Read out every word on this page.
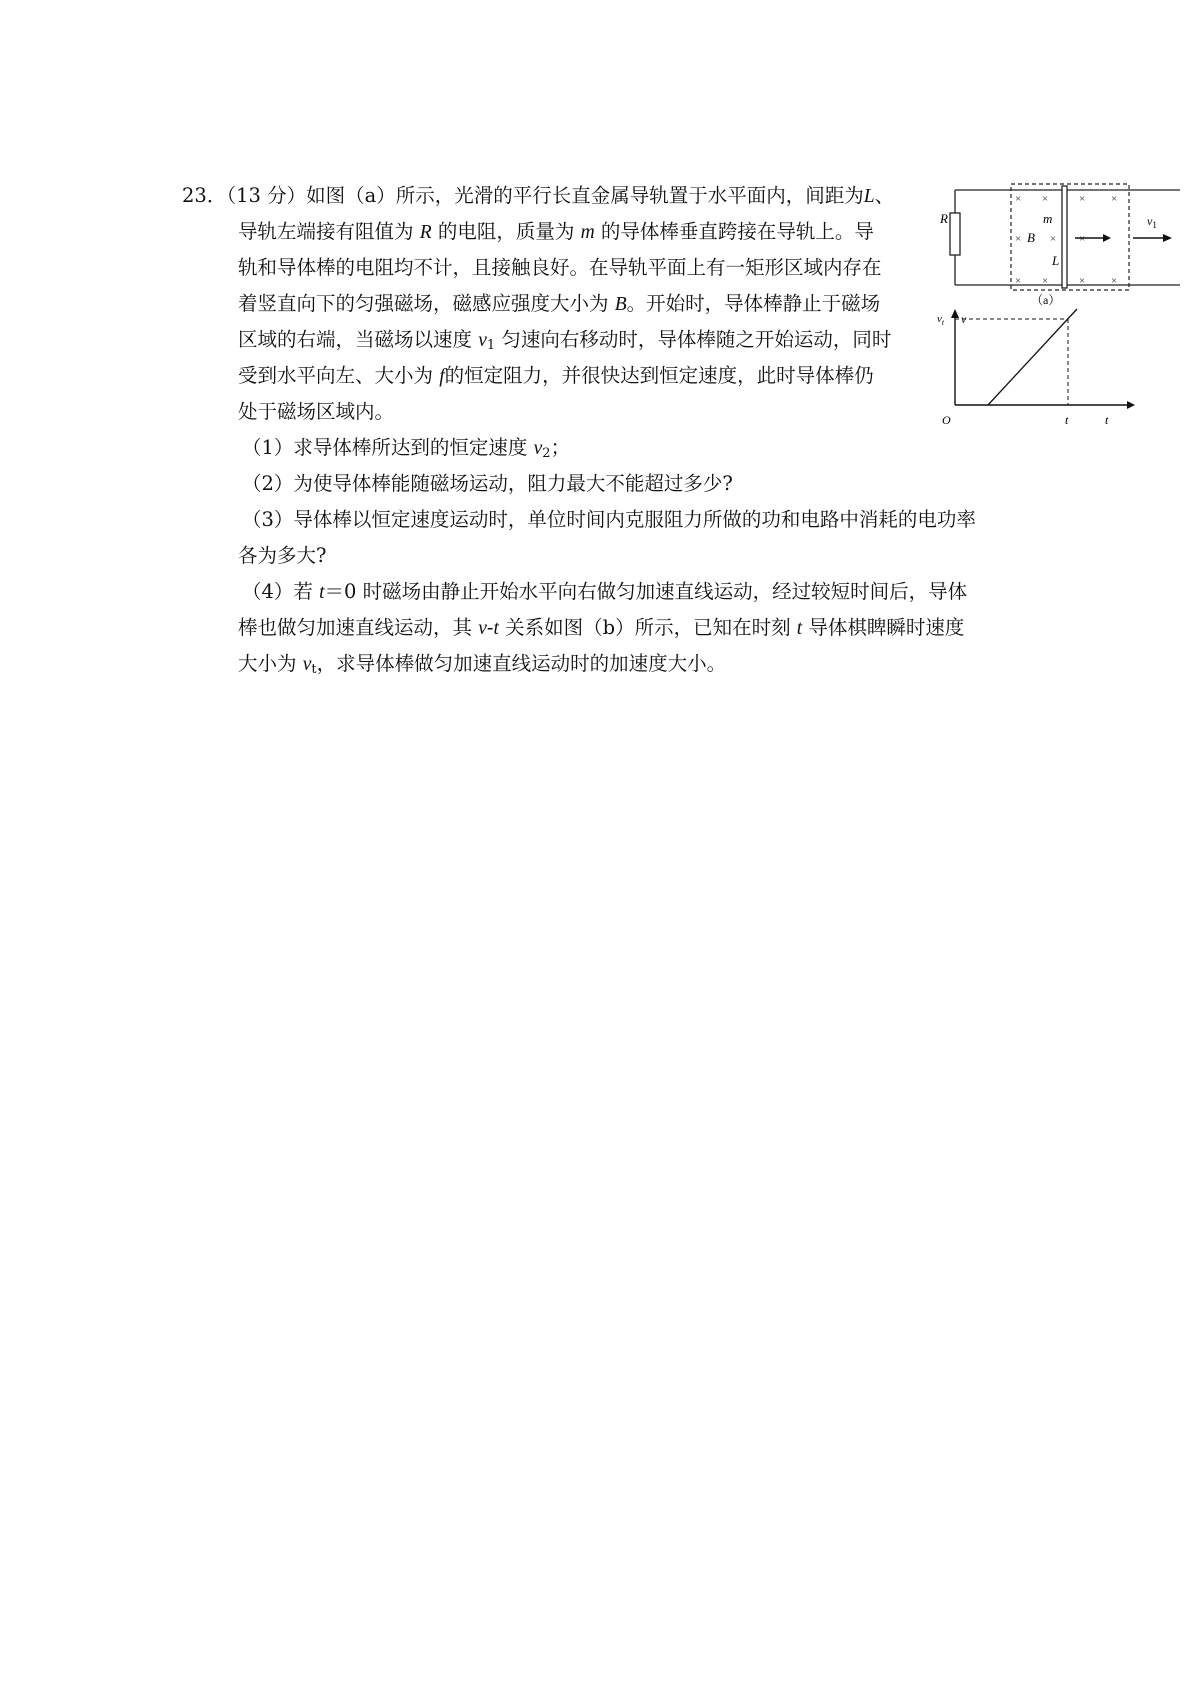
23．（13 分）如图（a）所示，光滑的平行长直金属导轨置于水平面内，间距为L、
导轨左端接有阻值为 R 的电阻，质量为 m 的导体棒垂直跨接在导轨上。导
轨和导体棒的电阻均不计，且接触良好。在导轨平面上有一矩形区域内存在
着竖直向下的匀强磁场，磁感应强度大小为 B。开始时，导体棒静止于磁场
区域的右端，当磁场以速度 $v_1$ 匀速向右移动时，导体棒随之开始运动，同时
受到水平向左、大小为 f的恒定阻力，并很快达到恒定速度，此时导体棒仍
处于磁场区域内。
（1）求导体棒所达到的恒定速度 $v_2$；
（2）为使导体棒能随磁场运动，阻力最大不能超过多少?
（3）导体棒以恒定速度运动时，单位时间内克服阻力所做的功和电路中消耗的电功率
各为多大?
（4）若 t＝0 时磁场由静止开始水平向右做匀加速直线运动，经过较短时间后，导体
棒也做匀加速直线运动，其 v-t 关系如图（b）所示，已知在时刻 t 导体棋睥瞬时速度
大小为 $v_t$，求导体棒做匀加速直线运动时的加速度大小。
R
× ×	× ×
×	× ×
× ×	× ×
m
B
L
$v_1$
（a）
v
$v_t$
O	t	t
